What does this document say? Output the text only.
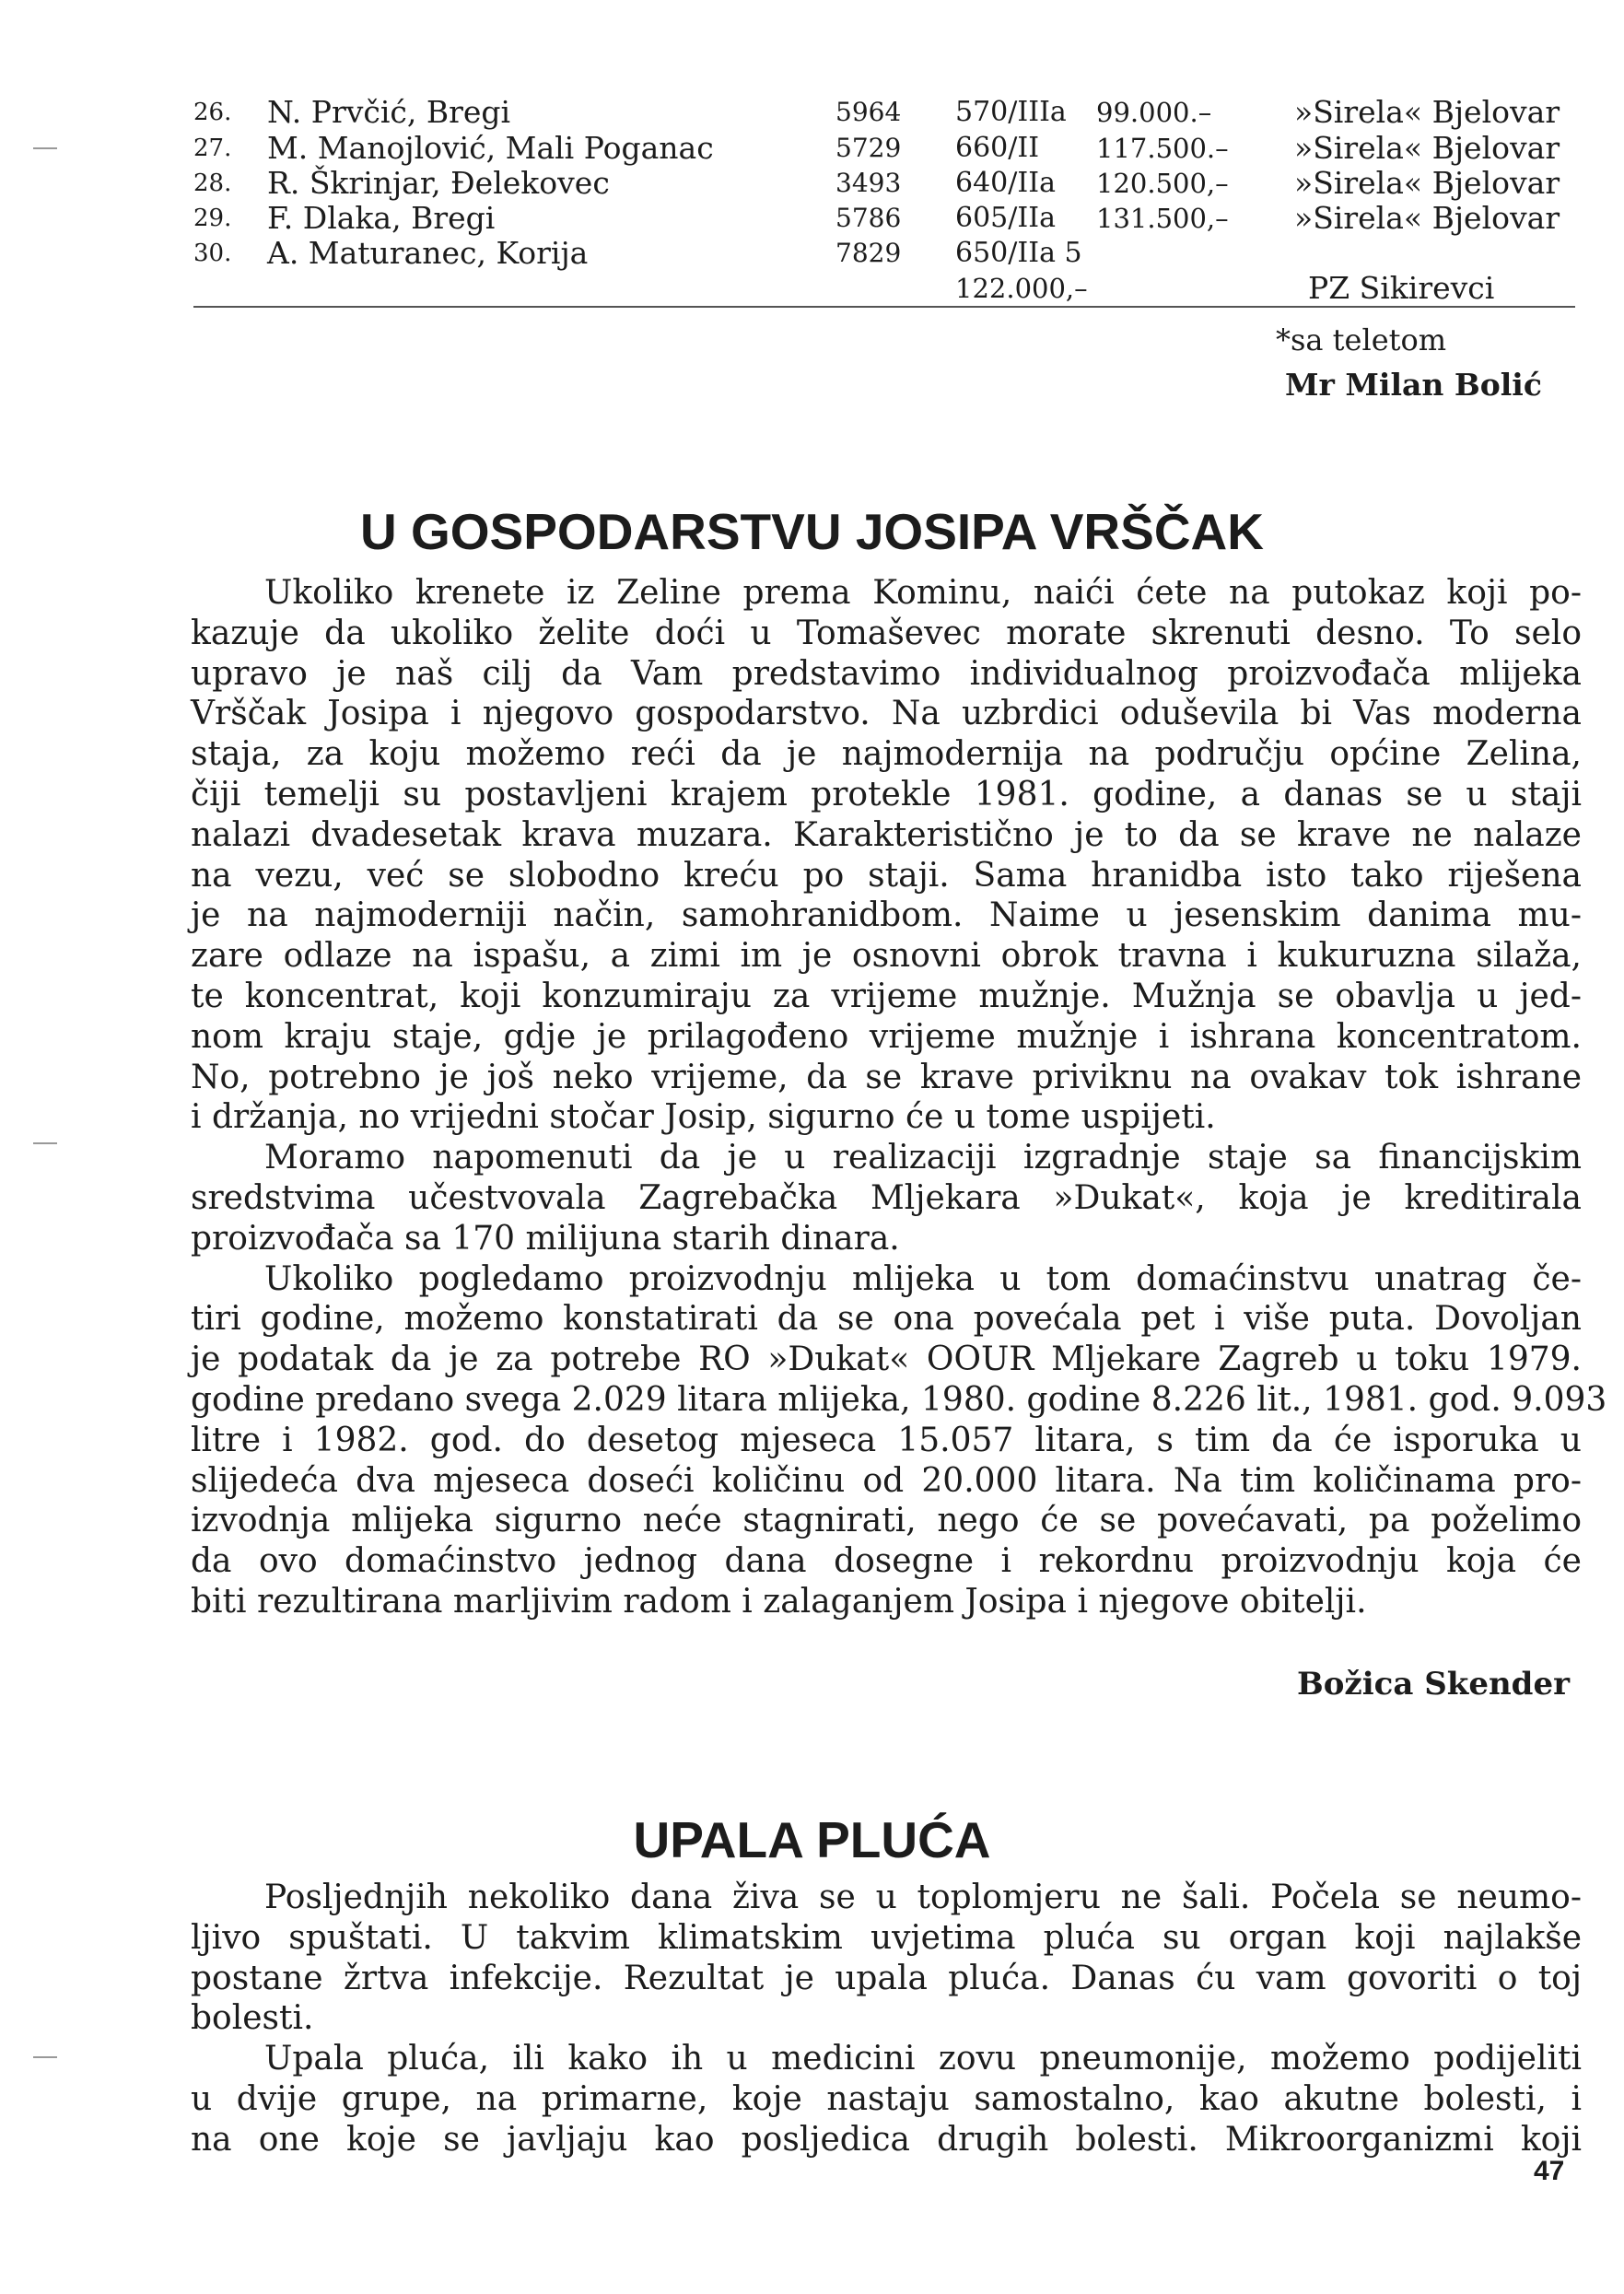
26. N. Prvčić, Bregi	5964 570/IIIa 99.000.–	»Sirela« Bjelovar
27. M. Manojlović, Mali Poganac	5729 660/II 117.500.– »Sirela« Bjelovar
28. R. Škrinjar, Đelekovec	3493 640/IIa 120.500,– »Sirela« Bjelovar
29. F. Dlaka, Bregi	5786 605/IIa 131.500,– »Sirela« Bjelovar
30. A. Maturanec, Korija	7829 650/IIa 5
122.000,–	PZ Sikirevci
*sa teletom
Mr Milan Bolić
U GOSPODARSTVU JOSIPA VRŠČAK
Ukoliko krenete iz Zeline prema Kominu, naići ćete na putokaz koji po-
kazuje da ukoliko želite doći u Tomaševec morate skrenuti desno. To selo
upravo je naš cilj da Vam predstavimo individualnog proizvođača mlijeka
Vrščak Josipa i njegovo gospodarstvo. Na uzbrdici oduševila bi Vas moderna
staja, za koju možemo reći da je najmodernija na području općine Zelina,
čiji temelji su postavljeni krajem protekle 1981. godine, a danas se u staji
nalazi dvadesetak krava muzara. Karakteristično je to da se krave ne nalaze
na vezu, već se slobodno kreću po staji. Sama hranidba isto tako riješena
je na najmoderniji način, samohranidbom. Naime u jesenskim danima mu-
zare odlaze na ispašu, a zimi im je osnovni obrok travna i kukuruzna silaža,
te koncentrat, koji konzumiraju za vrijeme mužnje. Mužnja se obavlja u jed-
nom kraju staje, gdje je prilagođeno vrijeme mužnje i ishrana koncentratom.
No, potrebno je još neko vrijeme, da se krave priviknu na ovakav tok ishrane
i držanja, no vrijedni stočar Josip, sigurno će u tome uspijeti.
Moramo napomenuti da je u realizaciji izgradnje staje sa financijskim
sredstvima učestvovala Zagrebačka Mljekara »Dukat«, koja je kreditirala
proizvođača sa 170 milijuna starih dinara.
Ukoliko pogledamo proizvodnju mlijeka u tom domaćinstvu unatrag če-
tiri godine, možemo konstatirati da se ona povećala pet i više puta. Dovoljan
je podatak da je za potrebe RO »Dukat« OOUR Mljekare Zagreb u toku 1979.
godine predano svega 2.029 litara mlijeka, 1980. godine 8.226 lit., 1981. god. 9.093
litre i 1982. god. do desetog mjeseca 15.057 litara, s tim da će isporuka u
slijedeća dva mjeseca doseći količinu od 20.000 litara. Na tim količinama pro-
izvodnja mlijeka sigurno neće stagnirati, nego će se povećavati, pa poželimo
da ovo domaćinstvo jednog dana dosegne i rekordnu proizvodnju koja će
biti rezultirana marljivim radom i zalaganjem Josipa i njegove obitelji.
Božica Skender
UPALA PLUĆA
Posljednjih nekoliko dana živa se u toplomjeru ne šali. Počela se neumo-
ljivo spuštati. U takvim klimatskim uvjetima pluća su organ koji najlakše
postane žrtva infekcije. Rezultat je upala pluća. Danas ću vam govoriti o toj
bolesti.
Upala pluća, ili kako ih u medicini zovu pneumonije, možemo podijeliti
u dvije grupe, na primarne, koje nastaju samostalno, kao akutne bolesti, i
na one koje se javljaju kao posljedica drugih bolesti. Mikroorganizmi koji
47
